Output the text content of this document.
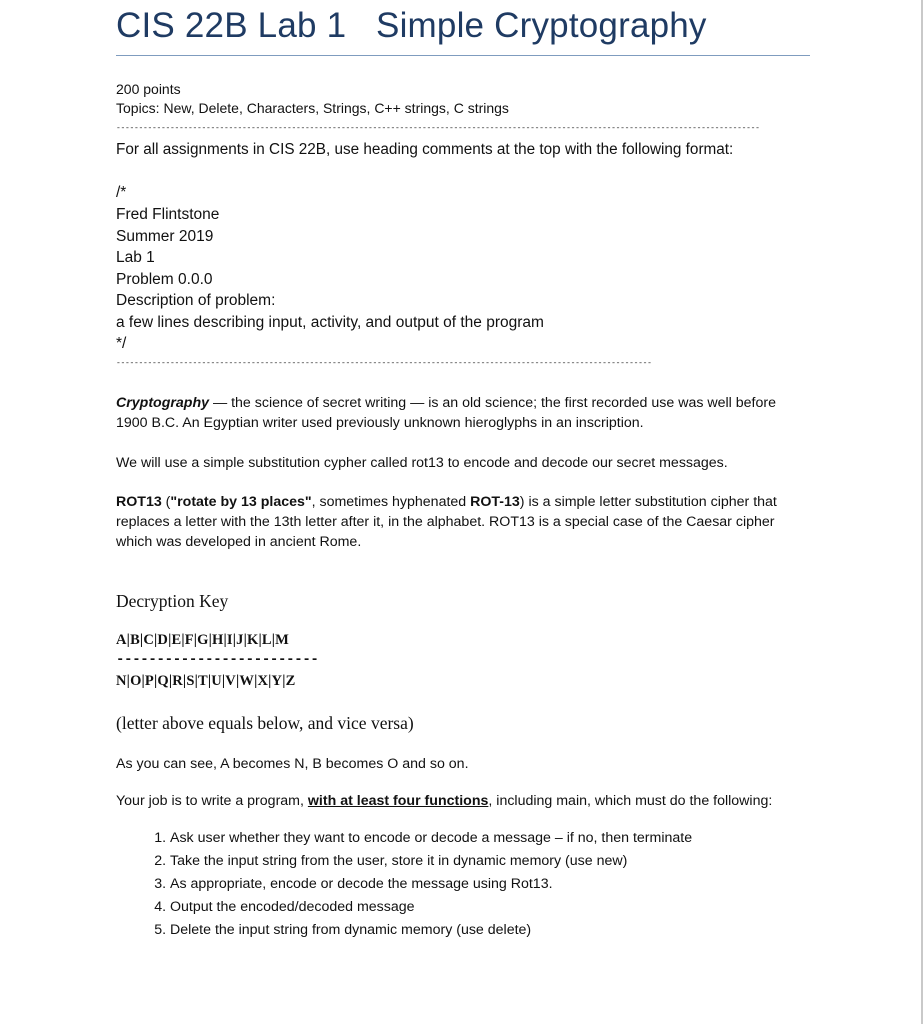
CIS 22B Lab 1   Simple Cryptography
200 points
Topics: New, Delete, Characters, Strings, C++ strings, C strings
-----------------------------------------------------------------------------------------------------------------------------------------------
For all assignments in CIS 22B, use heading comments at the top with the following format:
/*
Fred Flintstone
Summer 2019
Lab 1
Problem 0.0.0
Description of problem:
a few lines describing input, activity, and output of the program
*/
-----------------------------------------------------------------------------------------------------------------------
Cryptography — the science of secret writing — is an old science; the first recorded use was well before 1900 B.C. An Egyptian writer used previously unknown hieroglyphs in an inscription.
We will use a simple substitution cypher called rot13 to encode and decode our secret messages.
ROT13 ("rotate by 13 places", sometimes hyphenated ROT-13) is a simple letter substitution cipher that replaces a letter with the 13th letter after it, in the alphabet. ROT13 is a special case of the Caesar cipher which was developed in ancient Rome.
Decryption Key
A|B|C|D|E|F|G|H|I|J|K|L|M
-------------------------
N|O|P|Q|R|S|T|U|V|W|X|Y|Z
(letter above equals below, and vice versa)
As you can see, A becomes N, B becomes O and so on.
Your job is to write a program, with at least four functions, including main, which must do the following:
1. Ask user whether they want to encode or decode a message – if no, then terminate
2. Take the input string from the user, store it in dynamic memory (use new)
3. As appropriate, encode or decode the message using Rot13.
4. Output the encoded/decoded message
5. Delete the input string from dynamic memory (use delete)
